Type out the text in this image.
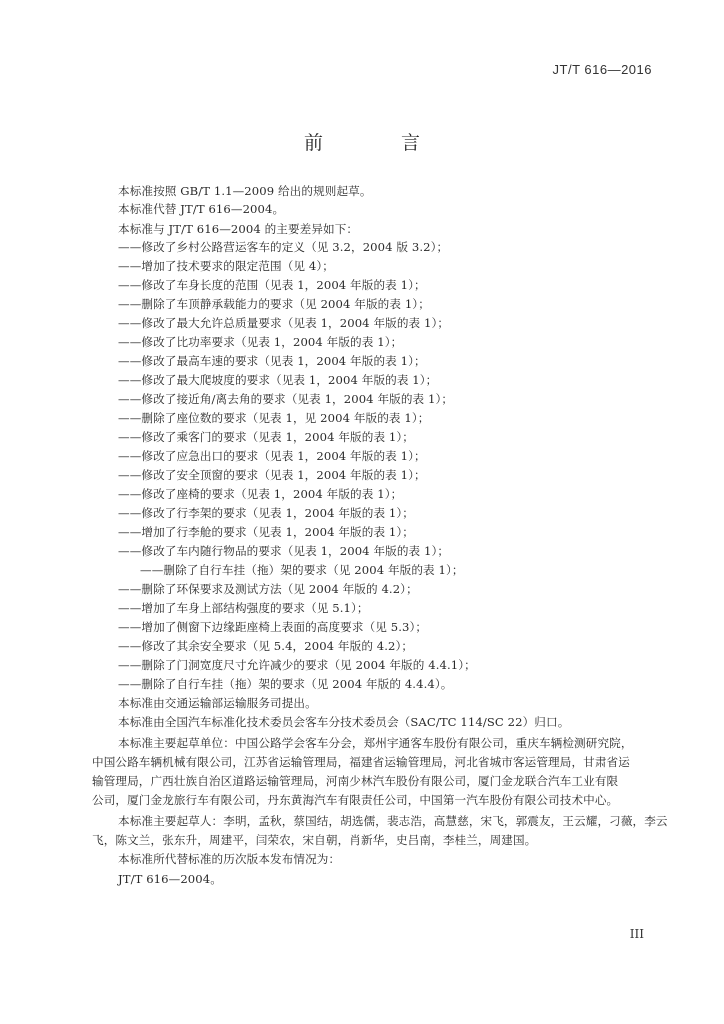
JT/T 616—2016
前 言
本标准按照 GB/T 1.1—2009 给出的规则起草。
本标准代替 JT/T 616—2004。
本标准与 JT/T 616—2004 的主要差异如下：
——修改了乡村公路营运客车的定义（见 3.2，2004 版 3.2）；
——增加了技术要求的限定范围（见 4）；
——修改了车身长度的范围（见表 1，2004 年版的表 1）；
——删除了车顶静承载能力的要求（见 2004 年版的表 1）；
——修改了最大允许总质量要求（见表 1，2004 年版的表 1）；
——修改了比功率要求（见表 1，2004 年版的表 1）；
——修改了最高车速的要求（见表 1，2004 年版的表 1）；
——修改了最大爬坡度的要求（见表 1，2004 年版的表 1）；
——修改了接近角/离去角的要求（见表 1，2004 年版的表 1）；
——删除了座位数的要求（见表 1，见 2004 年版的表 1）；
——修改了乘客门的要求（见表 1，2004 年版的表 1）；
——修改了应急出口的要求（见表 1，2004 年版的表 1）；
——修改了安全顶窗的要求（见表 1，2004 年版的表 1）；
——修改了座椅的要求（见表 1，2004 年版的表 1）；
——修改了行李架的要求（见表 1，2004 年版的表 1）；
——增加了行李舱的要求（见表 1，2004 年版的表 1）；
——修改了车内随行物品的要求（见表 1，2004 年版的表 1）；
——删除了自行车挂（拖）架的要求（见 2004 年版的表 1）；
——删除了环保要求及测试方法（见 2004 年版的 4.2）；
——增加了车身上部结构强度的要求（见 5.1）；
——增加了侧窗下边缘距座椅上表面的高度要求（见 5.3）；
——修改了其余安全要求（见 5.4，2004 年版的 4.2）；
——删除了门洞宽度尺寸允许减少的要求（见 2004 年版的 4.4.1）；
——删除了自行车挂（拖）架的要求（见 2004 年版的 4.4.4）。
本标准由交通运输部运输服务司提出。
本标准由全国汽车标准化技术委员会客车分技术委员会（SAC/TC 114/SC 22）归口。
本标准主要起草单位：中国公路学会客车分会，郑州宇通客车股份有限公司，重庆车辆检测研究院，
中国公路车辆机械有限公司，江苏省运输管理局，福建省运输管理局，河北省城市客运管理局，甘肃省运
输管理局，广西壮族自治区道路运输管理局，河南少林汽车股份有限公司，厦门金龙联合汽车工业有限
公司，厦门金龙旅行车有限公司，丹东黄海汽车有限责任公司，中国第一汽车股份有限公司技术中心。
本标准主要起草人：李明，孟秋，蔡国结，胡选儒，裴志浩，高慧慈，宋飞，郭震友，王云耀，刁薇，李云
飞，陈文兰，张东升，周建平，闫荣农，宋自朝，肖新华，史吕南，李桂兰，周建国。
本标准所代替标准的历次版本发布情况为：
JT/T 616—2004。
III
